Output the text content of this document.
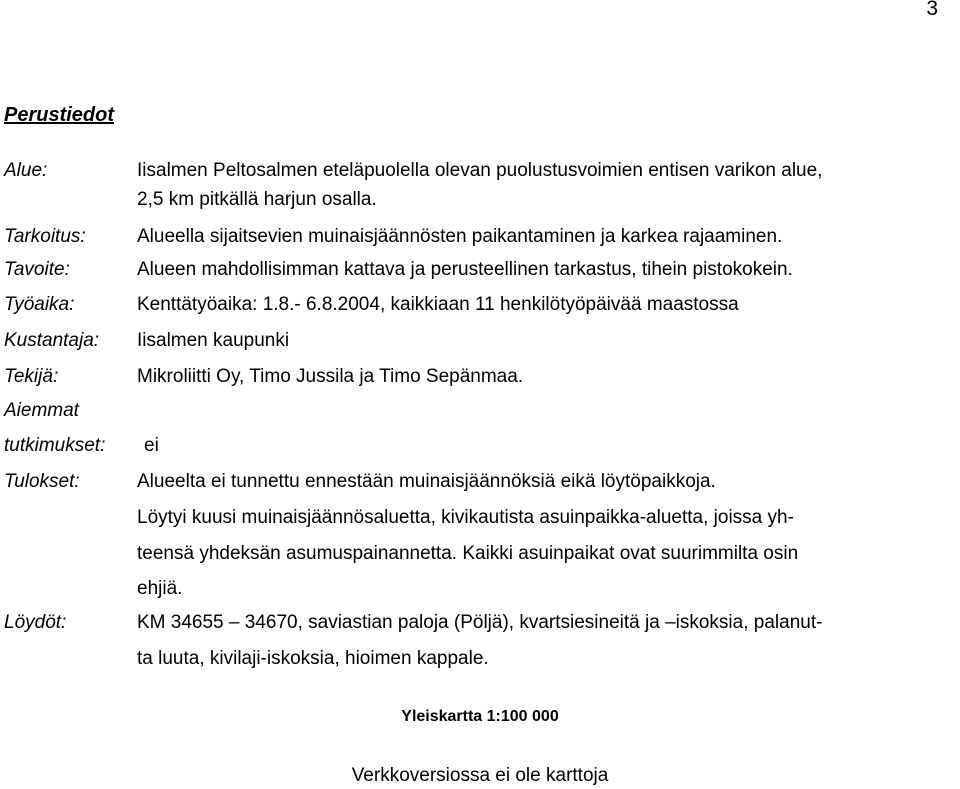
3
Perustiedot
Alue:	Iisalmen Peltosalmen eteläpuolella olevan puolustusvoimien entisen varikon alue,
2,5 km pitkällä harjun osalla.
Tarkoitus:	Alueella sijaitsevien muinaisjäännösten paikantaminen ja karkea rajaaminen.
Tavoite:	Alueen mahdollisimman kattava ja perusteellinen tarkastus, tihein pistokokein.
Työaika:	Kenttätyöaika: 1.8.- 6.8.2004, kaikkiaan 11 henkilötyöpäivää maastossa
Kustantaja: Iisalmen kaupunki
Tekijä:	Mikroliitti Oy, Timo Jussila ja Timo Sepänmaa.
Aiemmat
tutkimukset: ei
Tulokset:	Alueelta ei tunnettu ennestään muinaisjäännöksiä eikä löytöpaikkoja.
Löytyi kuusi muinaisjäännösaluetta, kivikautista asuinpaikka-aluetta, joissa yh-
teensä yhdeksän asumuspainannetta. Kaikki asuinpaikat ovat suurimmilta osin
ehjiä.
Löydöt:	KM 34655 – 34670, saviastian paloja (Pöljä), kvartsiesineitä ja –iskoksia, palanut-
ta luuta, kivilaji-iskoksia, hioimen kappale.
Yleiskartta 1:100 000
Verkkoversiossa ei ole karttoja
